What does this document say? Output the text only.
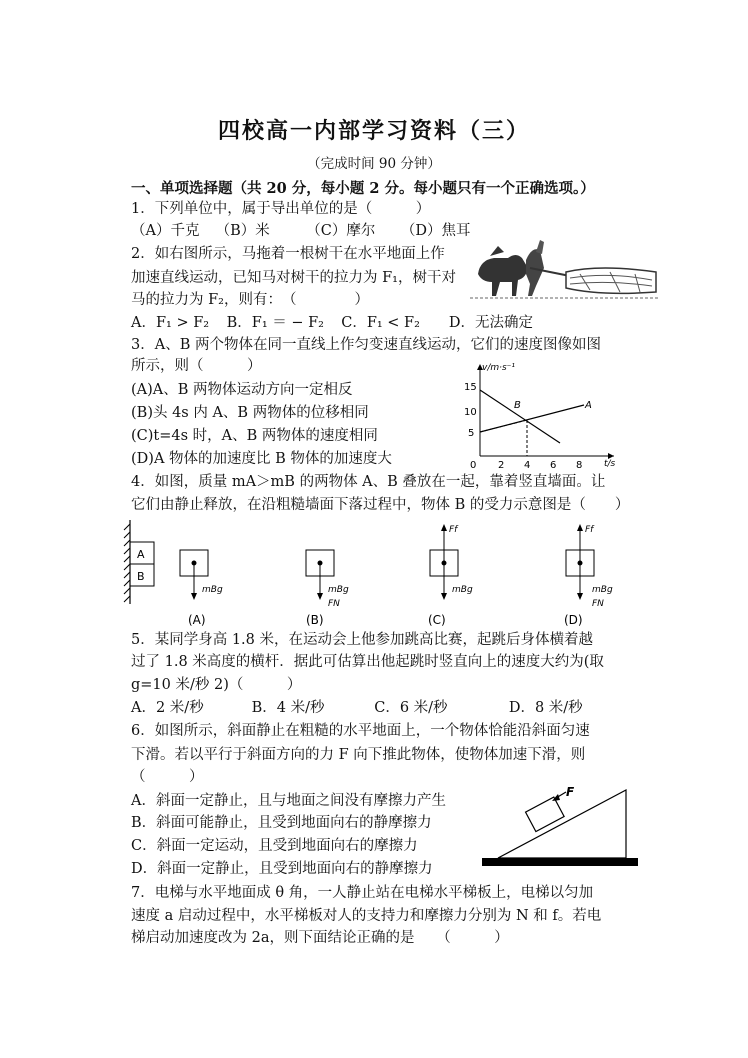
四校高一内部学习资料（三）
（完成时间 90 分钟）
一、单项选择题（共 20 分，每小题 2 分。每小题只有一个正确选项。）
1．下列单位中，属于导出单位的是（　　　）
（A）千克 （B）米	（C）摩尔 （D）焦耳
2．如右图所示，马拖着一根树干在水平地面上作
加速直线运动，已知马对树干的拉力为 F₁，树干对
马的拉力为 F₂，则有：　（　　　　）
A．F₁ > F₂ B．F₁ ＝ − F₂ C．F₁ < F₂ D．无法确定
3．A、B 两个物体在同一直线上作匀变速直线运动，它们的速度图像如图
所示，则（　　　）
(A)A、B 两物体运动方向一定相反
(B)头 4s 内 A、B 两物体的位移相同
(C)t=4s 时，A、B 两物体的速度相同
(D)A 物体的加速度比 B 物体的加速度大
v/m·s⁻¹
t/s
15
10
5
0 2 4 6 8
A
B
4．如图，质量 mA＞mB 的两物体 A、B 叠放在一起，靠着竖直墙面。让
它们由静止释放，在沿粗糙墙面下落过程中，物体 B 的受力示意图是（　　）
A
B
mBg	mBg
FN
Ff
mBg
Ff
mBg
FN
(A)	(B)	(C)	(D)
5．某同学身高 1.8 米，在运动会上他参加跳高比赛，起跳后身体横着越
过了 1.8 米高度的横杆．据此可估算出他起跳时竖直向上的速度大约为(取
g=10 米/秒 2)（　　　）
A．2 米/秒	B．4 米/秒	C．6 米/秒	D．8 米/秒
6．如图所示，斜面静止在粗糙的水平地面上，一个物体恰能沿斜面匀速
下滑。若以平行于斜面方向的力 F 向下推此物体，使物体加速下滑，则
（　　　）
A．斜面一定静止，且与地面之间没有摩擦力产生
B．斜面可能静止，且受到地面向右的静摩擦力
C．斜面一定运动，且受到地面向右的摩擦力
D．斜面一定静止，且受到地面向右的静摩擦力
F
7．电梯与水平地面成 θ 角，一人静止站在电梯水平梯板上，电梯以匀加
速度 a 启动过程中，水平梯板对人的支持力和摩擦力分别为 N 和 f。若电
梯启动加速度改为 2a，则下面结论正确的是　　（　　　）
